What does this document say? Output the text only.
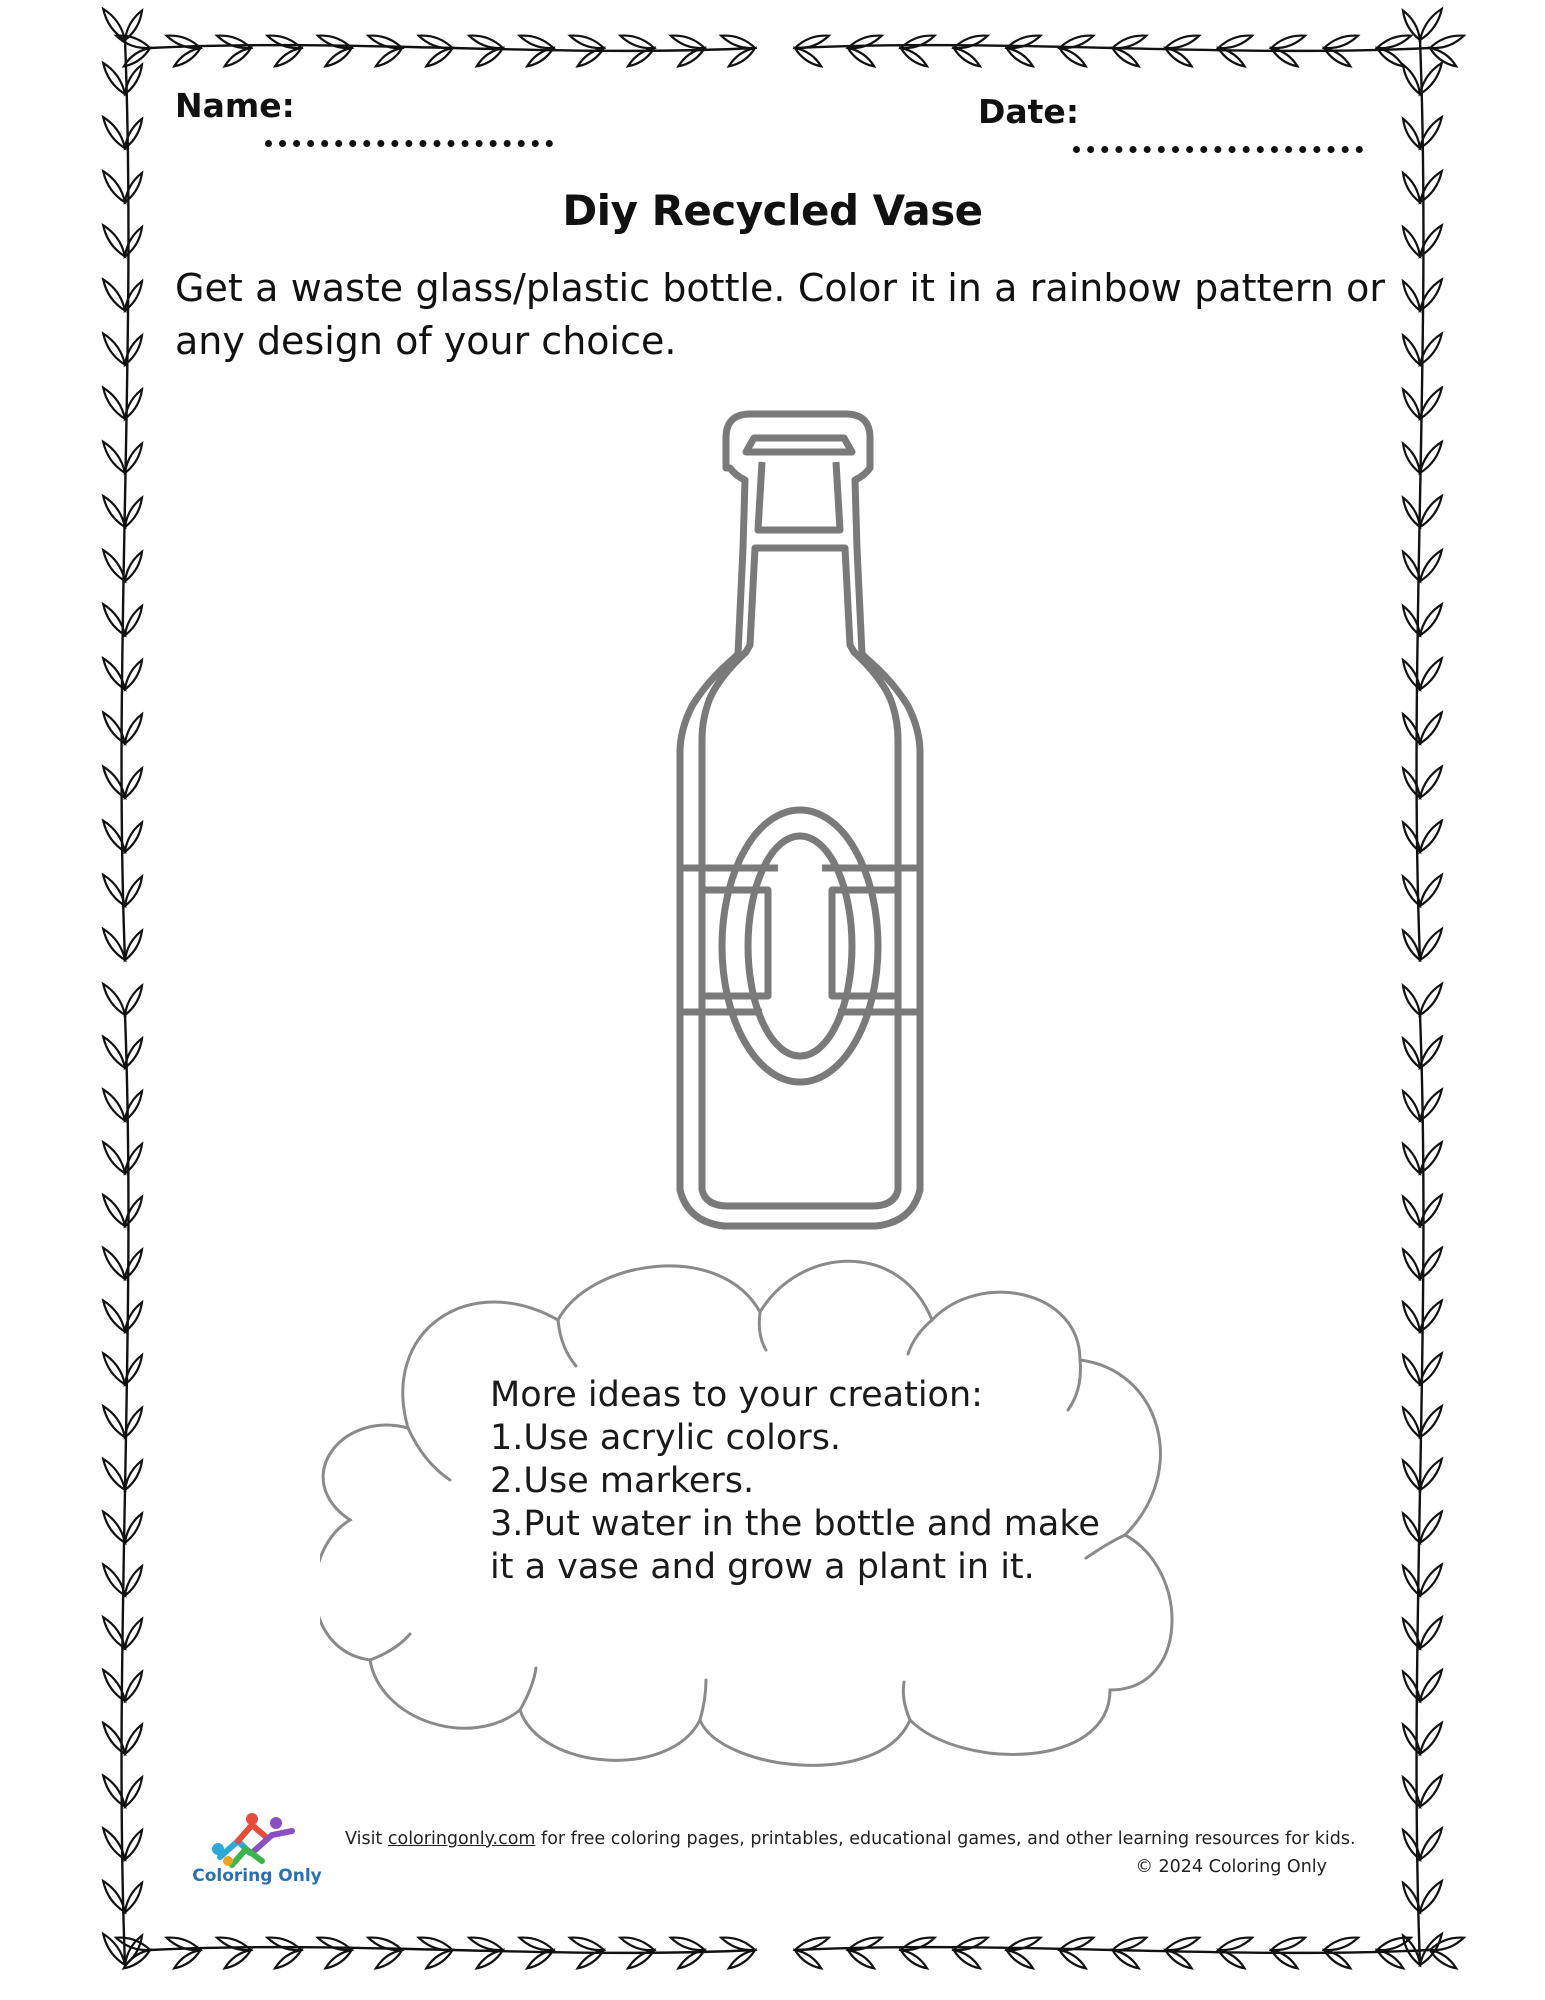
Name:	Date:
Diy Recycled Vase
Get a waste glass/plastic bottle. Color it in a rainbow pattern or any design of your choice.
More ideas to your creation:
1.Use acrylic colors.
2.Use markers.
3.Put water in the bottle and make
it a vase and grow a plant in it.
Coloring Only
Visit coloringonly.com for free coloring pages, printables, educational games, and other learning resources for kids.
© 2024 Coloring Only
